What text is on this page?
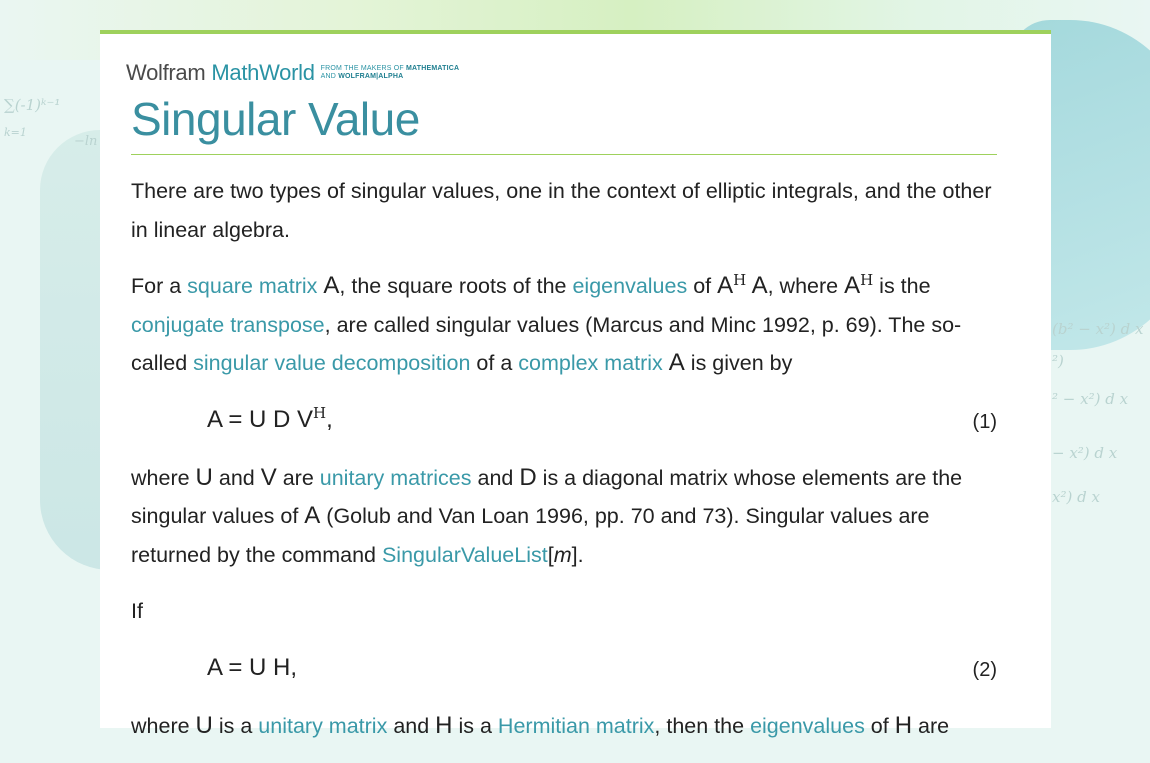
∑(-1)ᵏ⁻¹
k=1
−ln
(b² − x²) d x
²)
² − x²) d x
− x²) d x
x²) d x
Wolfram MathWorld FROM THE MAKERS OF MATHEMATICA
AND WOLFRAM|ALPHA
Singular Value

There are two types of singular values, one in the context of elliptic integrals, and the other in linear algebra.

For a square matrix A, the square roots of the eigenvalues of $A^H$ A, where $A^H$ is the conjugate transpose, are called singular values (Marcus and Minc 1992, p. 69). The so-called singular value decomposition of a complex matrix A is given by

A = U D $V^H$,	(1)

where U and V are unitary matrices and D is a diagonal matrix whose elements are the singular values of A (Golub and Van Loan 1996, pp. 70 and 73). Singular values are returned by the command SingularValueList[m].

If

A = U H,	(2)

where U is a unitary matrix and H is a Hermitian matrix, then the eigenvalues of H are
